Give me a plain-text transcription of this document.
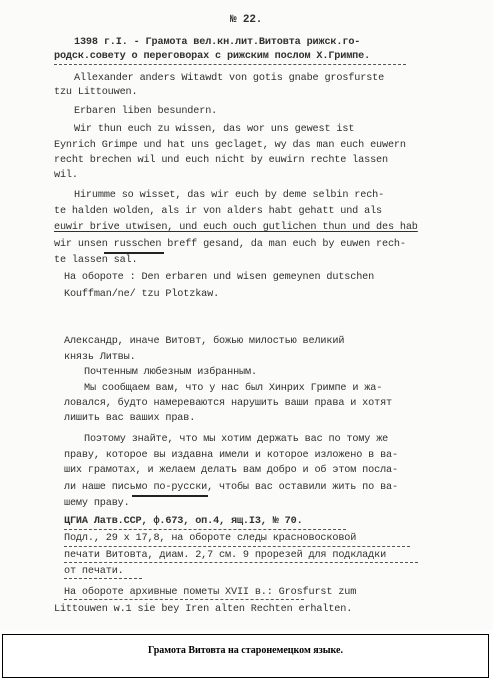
№ 22.
1398 г.I. - Грамота вел.кн.лит.Витовта рижск.го-
родск.совету о переговорах с рижским послом Х.Гримпе.
Allexander anders Witawdt von gotis gnabe grosfurste
tzu Littouwen.
Erbaren liben besundern.
Wir thun euch zu wissen, das wor uns gewest ist
Eynrich Grimpe und hat uns geclaget, wy das man euch euwern
recht brechen wil und euch nicht by euwirn rechte lassen
wil.
Hirumme so wisset, das wir euch by deme selbin rech-
te halden wolden, als ir von alders habt gehatt und als
euwir brive utwisen, und euch ouch gutlichen thun und des hab
wir unsen russchen breff gesand, da man euch by euwen rech-
te lassen sal.
На обороте : Den erbaren und wisen gemeynen dutschen
Kouffman/ne/ tzu Plotzkaw.
Александр, иначе Витовт, божью милостью великий
князь Литвы.
Почтенным любезным избранным.
Мы сообщаем вам, что у нас был Хинрих Гримпе и жа-
ловался, будто намереваются нарушить ваши права и хотят
лишить вас ваших прав.
Поэтому знайте, что мы хотим держать вас по тому же
праву, которое вы издавна имели и которое изложено в ва-
ших грамотах, и желаем делать вам добро и об этом посла-
ли наше письмо по-русски, чтобы вас оставили жить по ва-
шему праву.
ЦГИА Латв.ССР, ф.673, оп.4, ящ.I3, № 70.
Подл., 29 х 17,8, на обороте следы красновосковой
печати Витовта, диам. 2,7 см. 9 прорезей для подкладки
от печати.
На обороте архивные пометы XVII в.: Grosfurst zum
Littouwen w.1 sie bey Iren alten Rechten erhalten.
Грамота Витовта на старонемецком языке.
